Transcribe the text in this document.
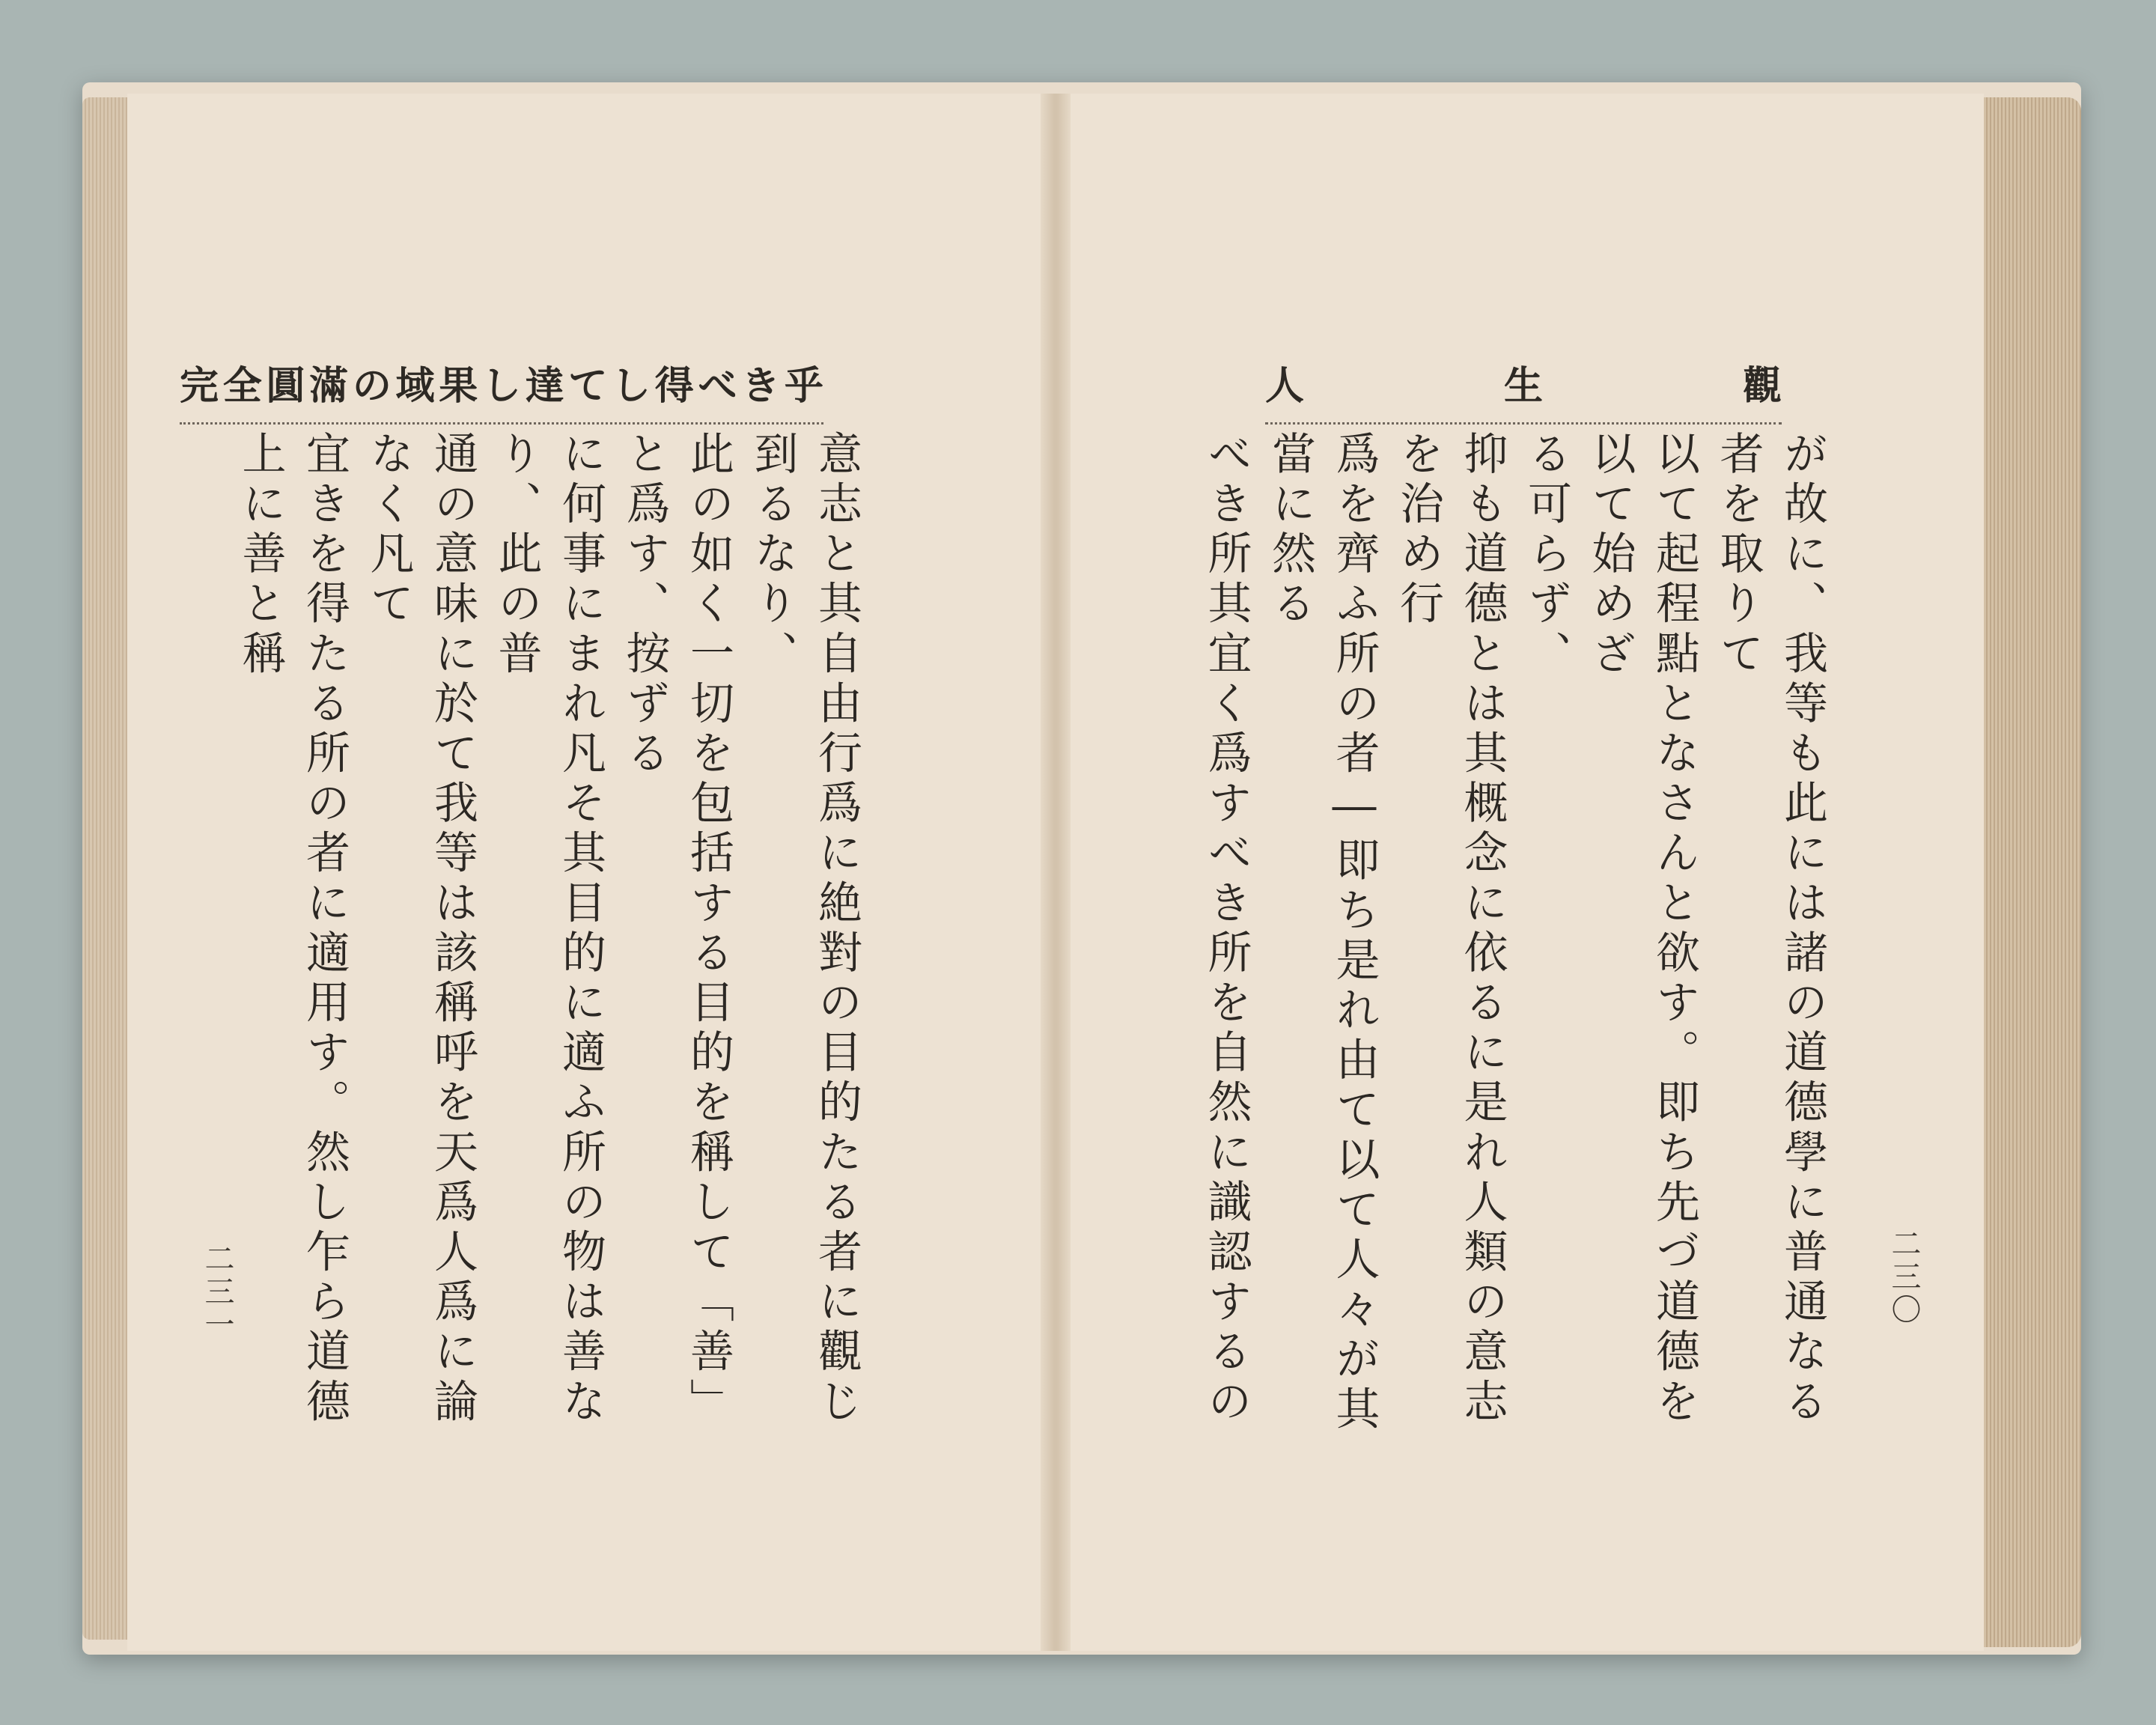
完 全 圓 滿 の 域 果 し 達 て し 得 べ き 乎	人	生	觀

意志と其自由行爲に絶對の目的たる者に觀じ到るなり、

此の如く一切を包括する目的を稱して「善」と爲す、按ずる

に何事にまれ凡そ其目的に適ふ所の物は善なり、此の普

通の意味に於て我等は該稱呼を天爲人爲に論なく凡て

宜きを得たる所の者に適用す。然し乍ら道德上に善と稱	が故に、我等も此には諸の道德學に普通なる者を取りて

以て起程點となさんと欲す。即ち先づ道德を以て始めざ

る可らず、

抑も道德とは其概念に依るに是れ人類の意志を治め行

爲を齊ふ所の者―即ち是れ由て以て人々が其當に然る

べき所其宜く爲すべき所を自然に識認するの

二三一	二三〇
